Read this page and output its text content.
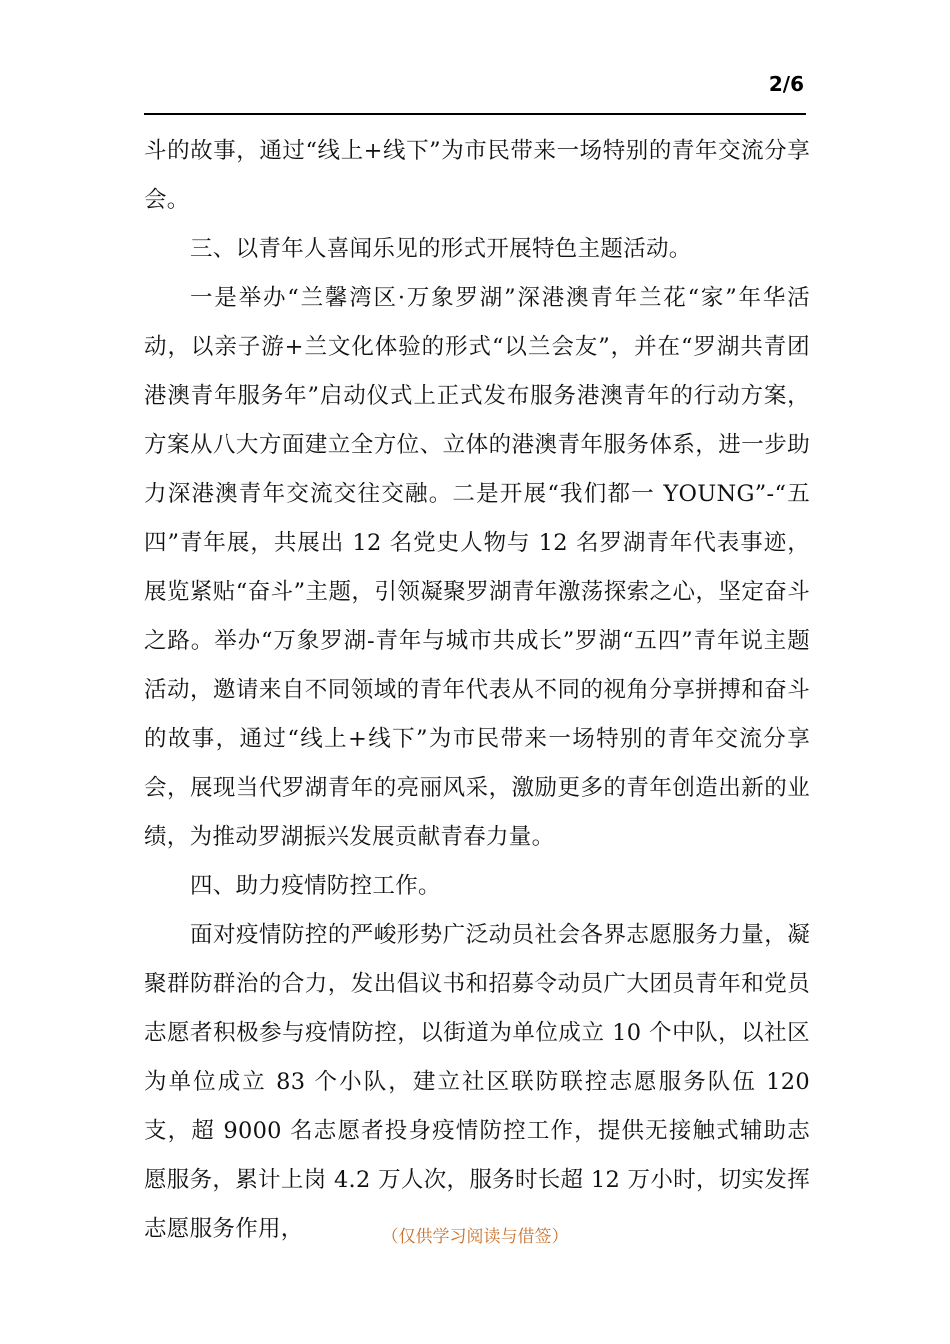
2/6

斗的故事，通过“线上+线下”为市民带来一场特别的青年交流分享会。

三、以青年人喜闻乐见的形式开展特色主题活动。

一是举办“兰馨湾区·万象罗湖”深港澳青年兰花“家”年华活动，以亲子游+兰文化体验的形式“以兰会友”，并在“罗湖共青团港澳青年服务年”启动仪式上正式发布服务港澳青年的行动方案，方案从八大方面建立全方位、立体的港澳青年服务体系，进一步助力深港澳青年交流交往交融。二是开展“我们都一 YOUNG”-“五四”青年展，共展出 12 名党史人物与 12 名罗湖青年代表事迹，展览紧贴“奋斗”主题，引领凝聚罗湖青年激荡探索之心，坚定奋斗之路。举办“万象罗湖-青年与城市共成长”罗湖“五四”青年说主题活动，邀请来自不同领域的青年代表从不同的视角分享拼搏和奋斗的故事，通过“线上+线下”为市民带来一场特别的青年交流分享会，展现当代罗湖青年的亮丽风采，激励更多的青年创造出新的业绩，为推动罗湖振兴发展贡献青春力量。

四、助力疫情防控工作。

面对疫情防控的严峻形势广泛动员社会各界志愿服务力量，凝聚群防群治的合力，发出倡议书和招募令动员广大团员青年和党员志愿者积极参与疫情防控，以街道为单位成立 10 个中队，以社区为单位成立 83 个小队，建立社区联防联控志愿服务队伍 120 支，超 9000 名志愿者投身疫情防控工作，提供无接触式辅助志愿服务，累计上岗 4.2 万人次，服务时长超 12 万小时，切实发挥志愿服务作用，	（仅供学习阅读与借签）
